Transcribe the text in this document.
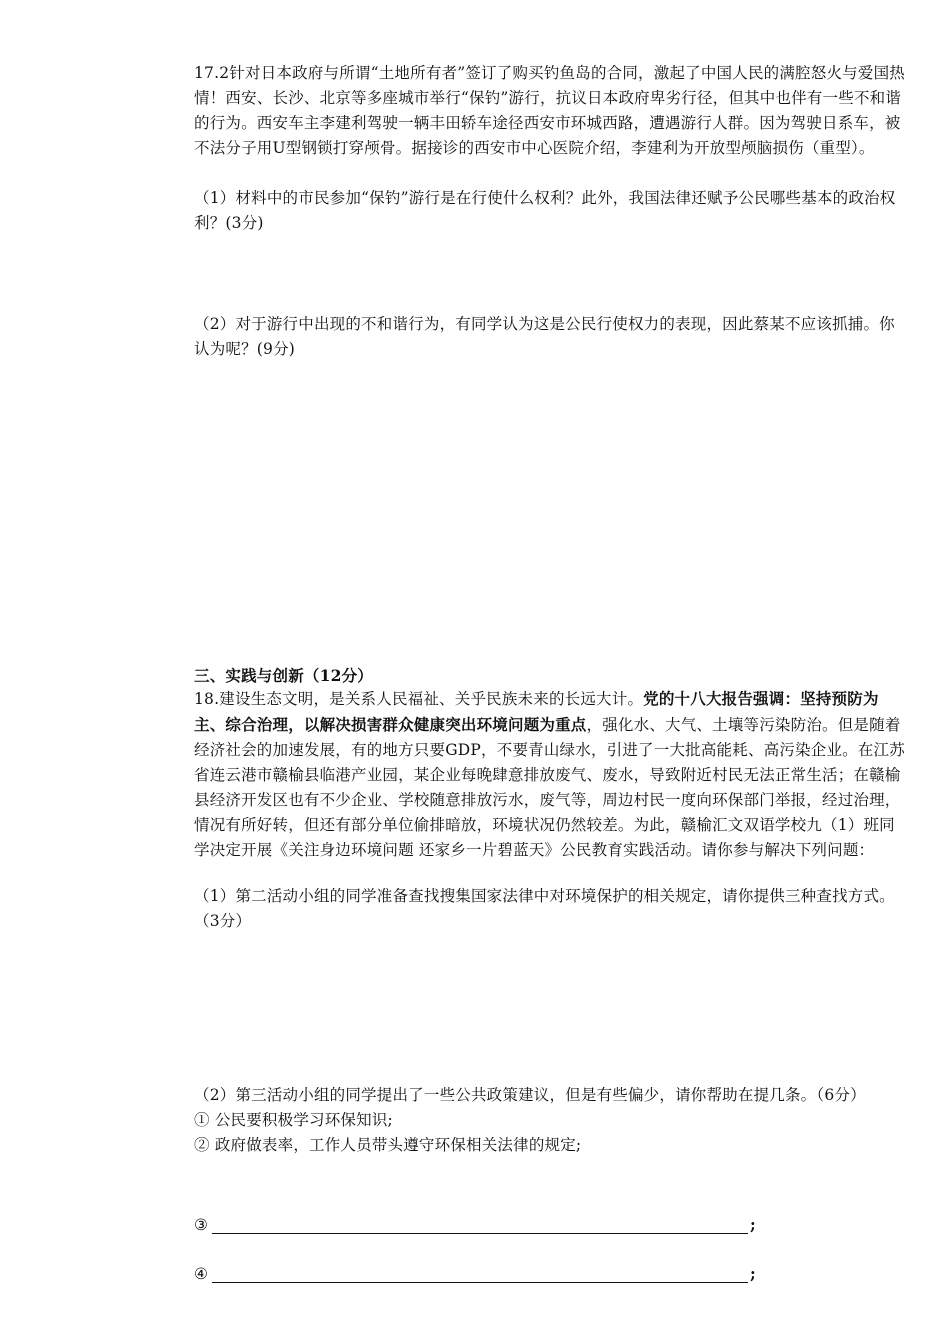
17.2针对日本政府与所谓“土地所有者”签订了购买钓鱼岛的合同，激起了中国人民的满腔怒火与爱国热情！西安、长沙、北京等多座城市举行“保钓”游行，抗议日本政府卑劣行径，但其中也伴有一些不和谐的行为。西安车主李建利驾驶一辆丰田轿车途径西安市环城西路，遭遇游行人群。因为驾驶日系车，被不法分子用U型钢锁打穿颅骨。据接诊的西安市中心医院介绍，李建利为开放型颅脑损伤（重型）。

（1）材料中的市民参加“保钓”游行是在行使什么权利？此外，我国法律还赋予公民哪些基本的政治权利？(3分)

（2）对于游行中出现的不和谐行为，有同学认为这是公民行使权力的表现，因此蔡某不应该抓捕。你认为呢？(9分)

三、实践与创新（12分）

18.建设生态文明，是关系人民福祉、关乎民族未来的长远大计。党的十八大报告强调：坚持预防为主、综合治理，以解决损害群众健康突出环境问题为重点，强化水、大气、土壤等污染防治。但是随着经济社会的加速发展，有的地方只要GDP，不要青山绿水，引进了一大批高能耗、高污染企业。在江苏省连云港市赣榆县临港产业园，某企业每晚肆意排放废气、废水，导致附近村民无法正常生活；在赣榆县经济开发区也有不少企业、学校随意排放污水，废气等，周边村民一度向环保部门举报，经过治理，情况有所好转，但还有部分单位偷排暗放，环境状况仍然较差。为此，赣榆汇文双语学校九（1）班同学决定开展《关注身边环境问题 还家乡一片碧蓝天》公民教育实践活动。请你参与解决下列问题：

（1）第二活动小组的同学准备查找搜集国家法律中对环境保护的相关规定，请你提供三种查找方式。（3分）

（2）第三活动小组的同学提出了一些公共政策建议，但是有些偏少，请你帮助在提几条。（6分）

① 公民要积极学习环保知识;

② 政府做表率，工作人员带头遵守环保相关法律的规定;

③	;
④	;
